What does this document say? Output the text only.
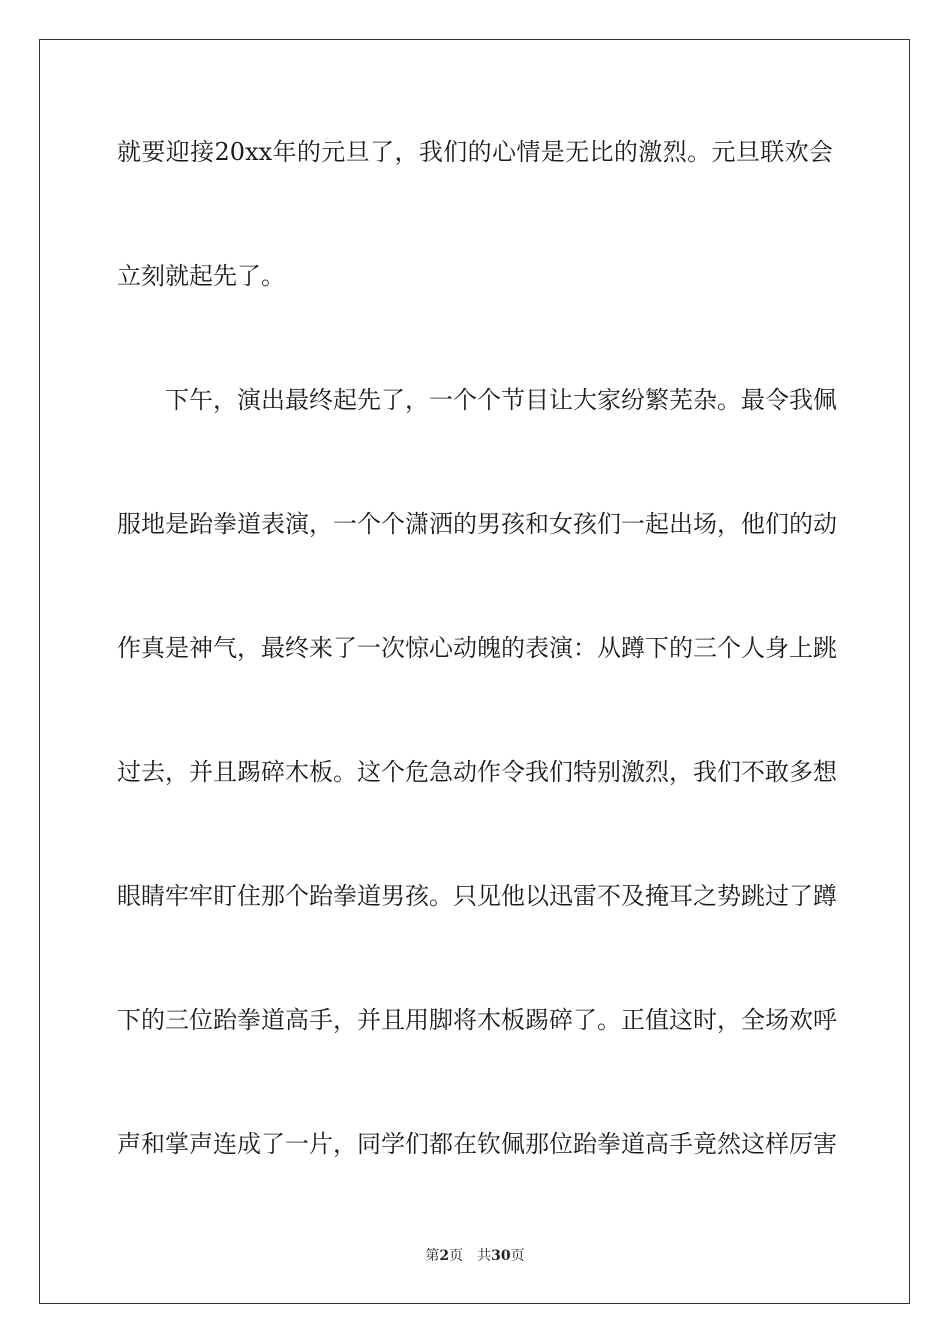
就要迎接20xx年的元旦了，我们的心情是无比的激烈。元旦联欢会
立刻就起先了。
下午，演出最终起先了，一个个节目让大家纷繁芜杂。最令我佩
服地是跆拳道表演，一个个潇洒的男孩和女孩们一起出场，他们的动
作真是神气，最终来了一次惊心动魄的表演：从蹲下的三个人身上跳
过去，并且踢碎木板。这个危急动作令我们特别激烈，我们不敢多想
眼睛牢牢盯住那个跆拳道男孩。只见他以迅雷不及掩耳之势跳过了蹲
下的三位跆拳道高手，并且用脚将木板踢碎了。正值这时，全场欢呼
声和掌声连成了一片，同学们都在钦佩那位跆拳道高手竟然这样厉害
第2页 共30页
